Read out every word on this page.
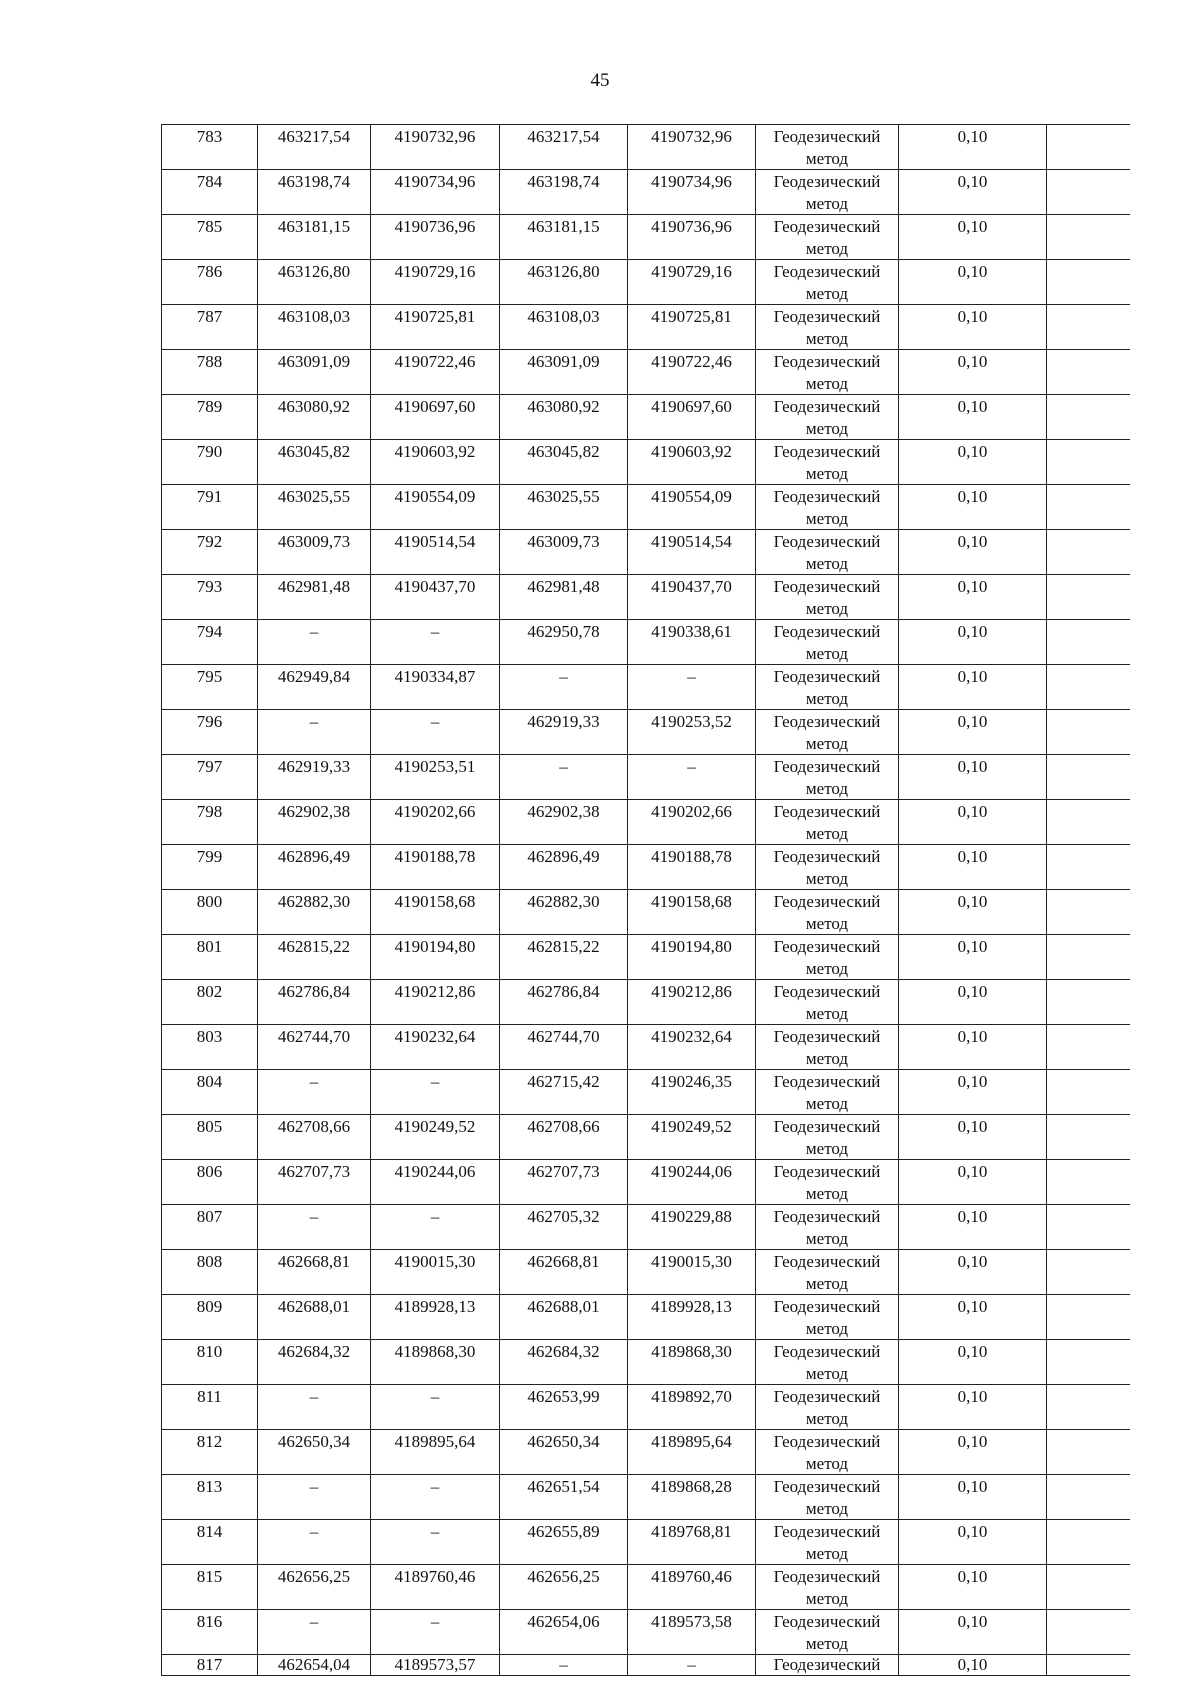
45
783	463217,54	4190732,96	463217,54	4190732,96	Геодезический
метод	0,10	

784	463198,74	4190734,96	463198,74	4190734,96	Геодезический
метод	0,10	

785	463181,15	4190736,96	463181,15	4190736,96	Геодезический
метод	0,10	

786	463126,80	4190729,16	463126,80	4190729,16	Геодезический
метод	0,10	

787	463108,03	4190725,81	463108,03	4190725,81	Геодезический
метод	0,10	

788	463091,09	4190722,46	463091,09	4190722,46	Геодезический
метод	0,10	

789	463080,92	4190697,60	463080,92	4190697,60	Геодезический
метод	0,10	

790	463045,82	4190603,92	463045,82	4190603,92	Геодезический
метод	0,10	

791	463025,55	4190554,09	463025,55	4190554,09	Геодезический
метод	0,10	

792	463009,73	4190514,54	463009,73	4190514,54	Геодезический
метод	0,10	

793	462981,48	4190437,70	462981,48	4190437,70	Геодезический
метод	0,10	

794	–	–	462950,78	4190338,61	Геодезический
метод	0,10	

795	462949,84	4190334,87	–	–	Геодезический
метод	0,10	

796	–	–	462919,33	4190253,52	Геодезический
метод	0,10	

797	462919,33	4190253,51	–	–	Геодезический
метод	0,10	

798	462902,38	4190202,66	462902,38	4190202,66	Геодезический
метод	0,10	

799	462896,49	4190188,78	462896,49	4190188,78	Геодезический
метод	0,10	

800	462882,30	4190158,68	462882,30	4190158,68	Геодезический
метод	0,10	

801	462815,22	4190194,80	462815,22	4190194,80	Геодезический
метод	0,10	

802	462786,84	4190212,86	462786,84	4190212,86	Геодезический
метод	0,10	

803	462744,70	4190232,64	462744,70	4190232,64	Геодезический
метод	0,10	

804	–	–	462715,42	4190246,35	Геодезический
метод	0,10	

805	462708,66	4190249,52	462708,66	4190249,52	Геодезический
метод	0,10	

806	462707,73	4190244,06	462707,73	4190244,06	Геодезический
метод	0,10	

807	–	–	462705,32	4190229,88	Геодезический
метод	0,10	

808	462668,81	4190015,30	462668,81	4190015,30	Геодезический
метод	0,10	

809	462688,01	4189928,13	462688,01	4189928,13	Геодезический
метод	0,10	

810	462684,32	4189868,30	462684,32	4189868,30	Геодезический
метод	0,10	

811	–	–	462653,99	4189892,70	Геодезический
метод	0,10	

812	462650,34	4189895,64	462650,34	4189895,64	Геодезический
метод	0,10	

813	–	–	462651,54	4189868,28	Геодезический
метод	0,10	

814	–	–	462655,89	4189768,81	Геодезический
метод	0,10	

815	462656,25	4189760,46	462656,25	4189760,46	Геодезический
метод	0,10	

816	–	–	462654,06	4189573,58	Геодезический
метод	0,10	

817	462654,04	4189573,57	–	–	Геодезический	0,10	
